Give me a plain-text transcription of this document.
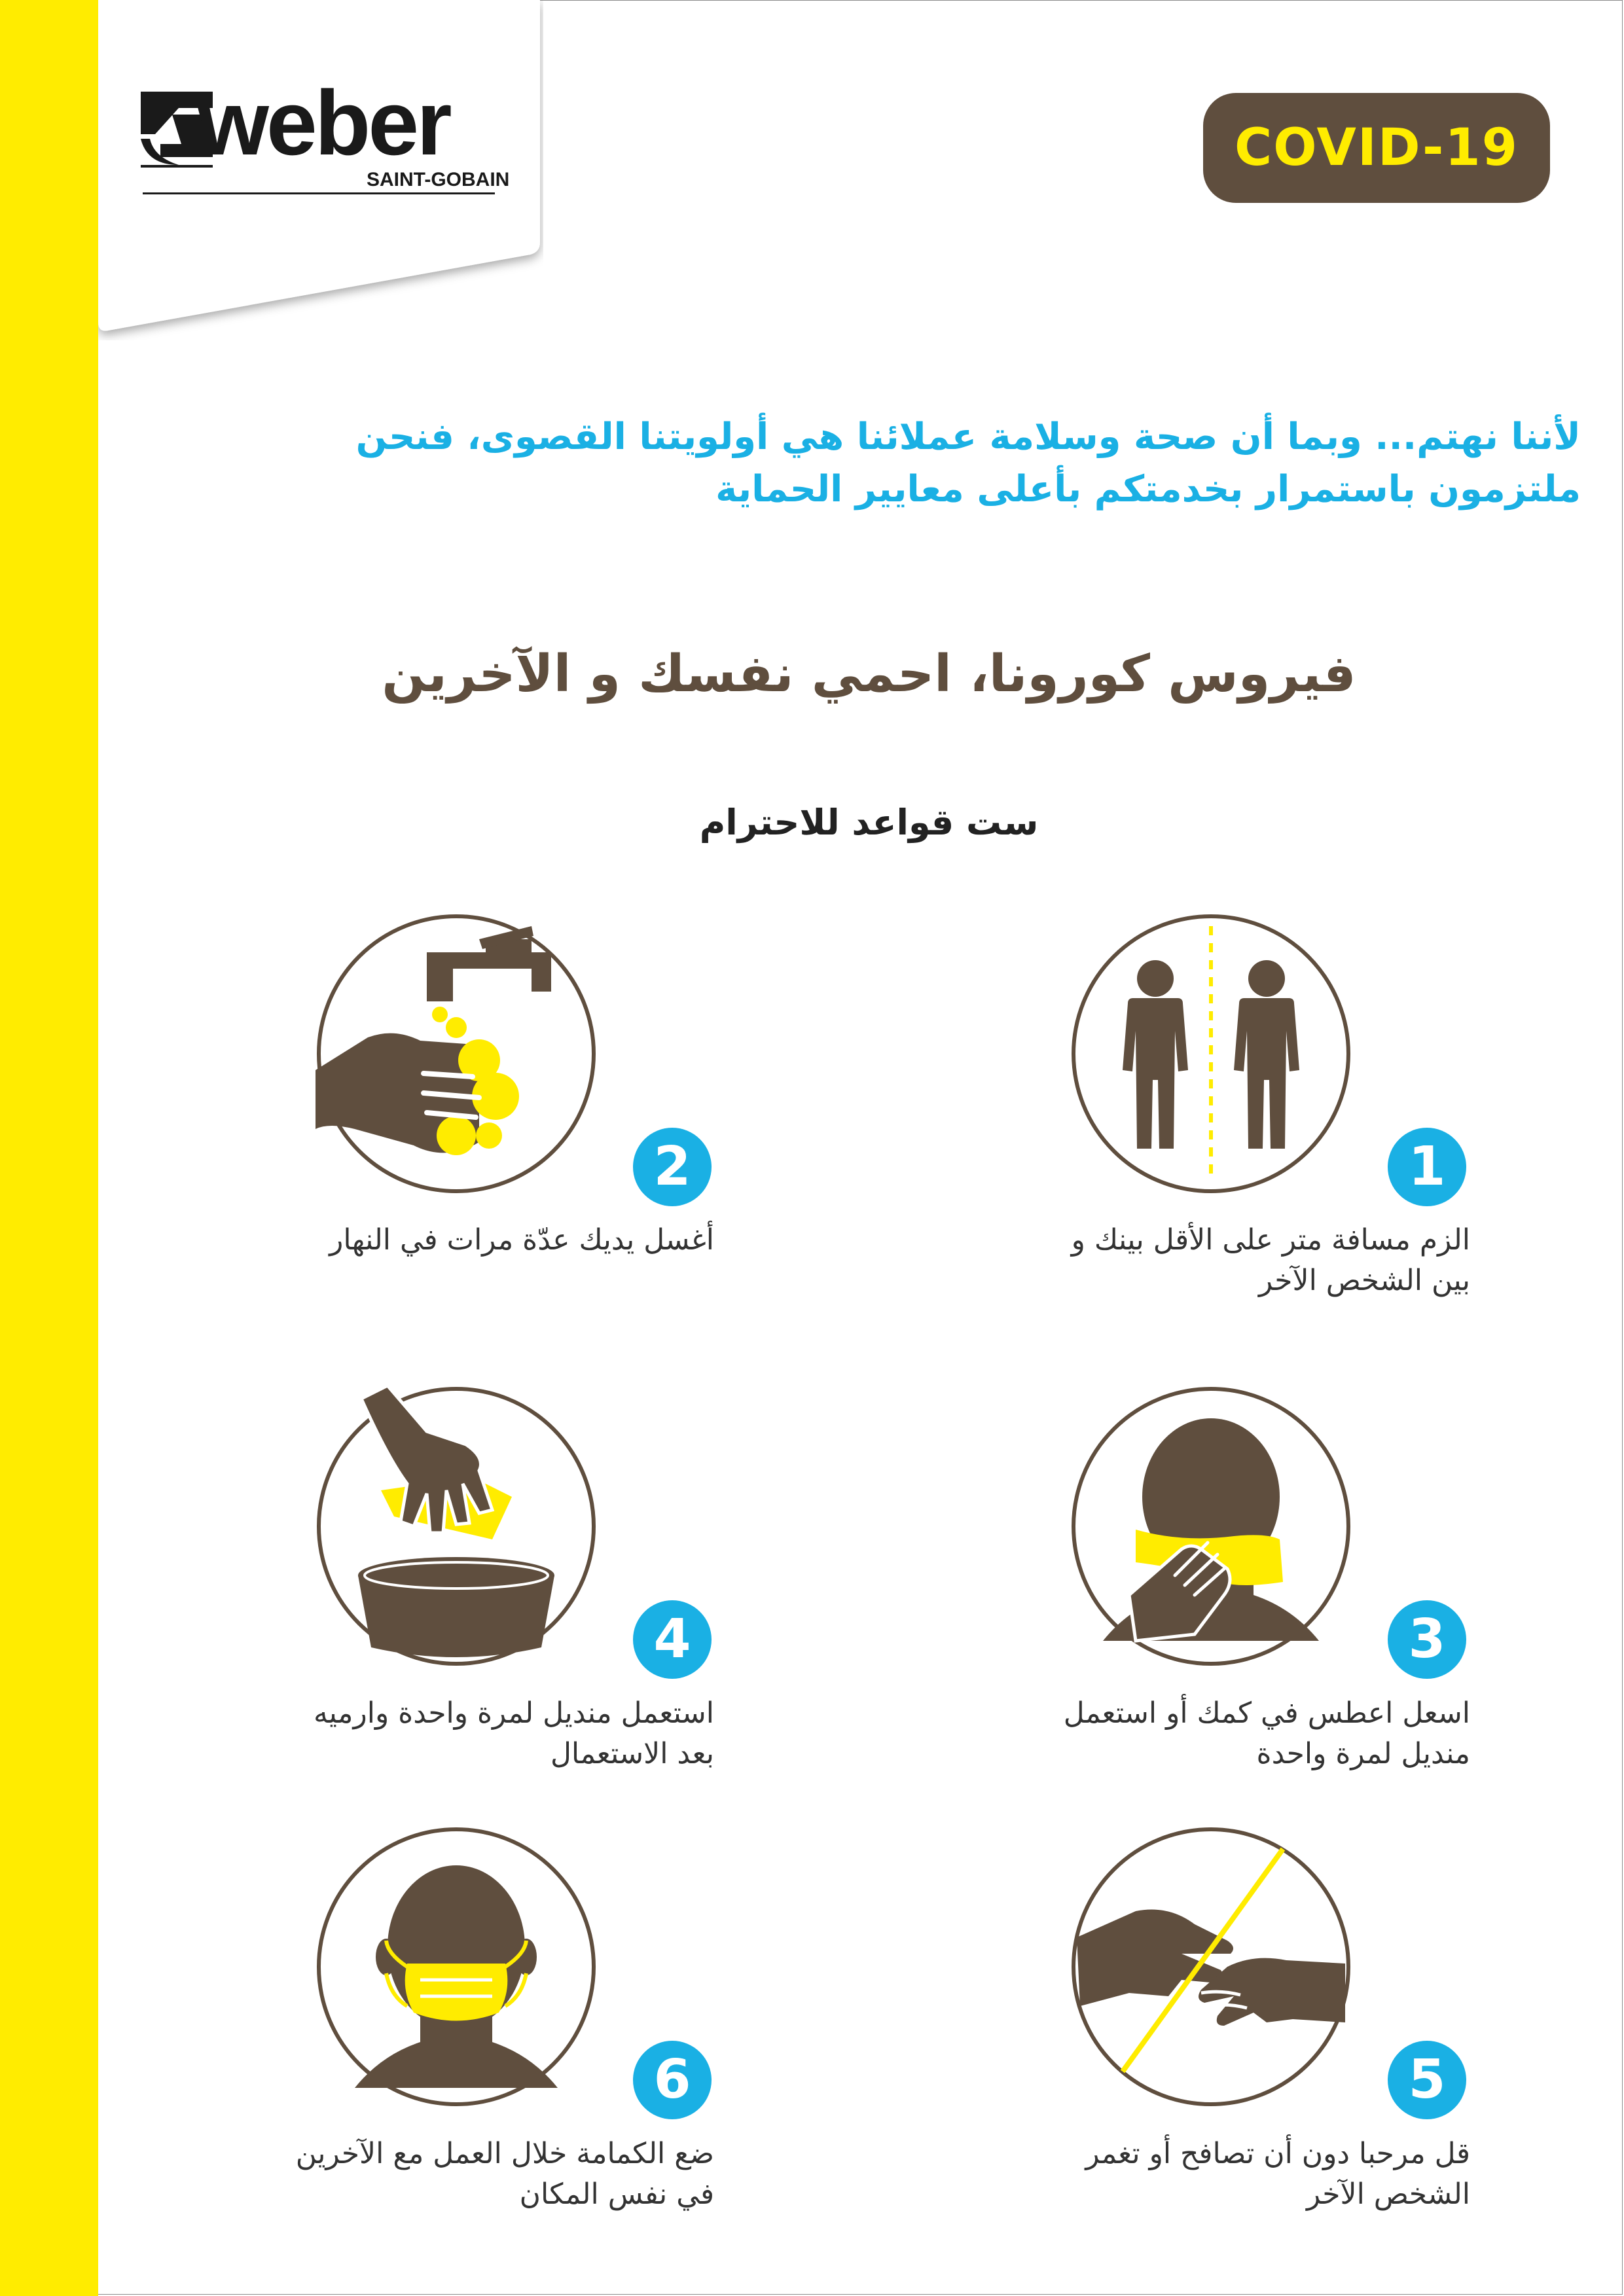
weber
SAINT-GOBAIN
COVID-19
لأننا نهتم... وبما أن صحة وسلامة عملائنا هي أولويتنا القصوى، فنحن
ملتزمون باستمرار بخدمتكم بأعلى معايير الحماية
فيروس كورونا، احمي نفسك و الآخرين
ست قواعد للاحترام
1
الزم مسافة متر على الأقل بينك و
بين الشخص الآخر
2
أغسل يديك عدّة مرات في النهار
3
اسعل اعطس في كمك أو استعمل
منديل لمرة واحدة
4
استعمل منديل لمرة واحدة وارميه
بعد الاستعمال
5
قل مرحبا دون أن تصافح أو تغمر
الشخص الآخر
6
ضع الكمامة خلال العمل مع الآخرين
في نفس المكان
